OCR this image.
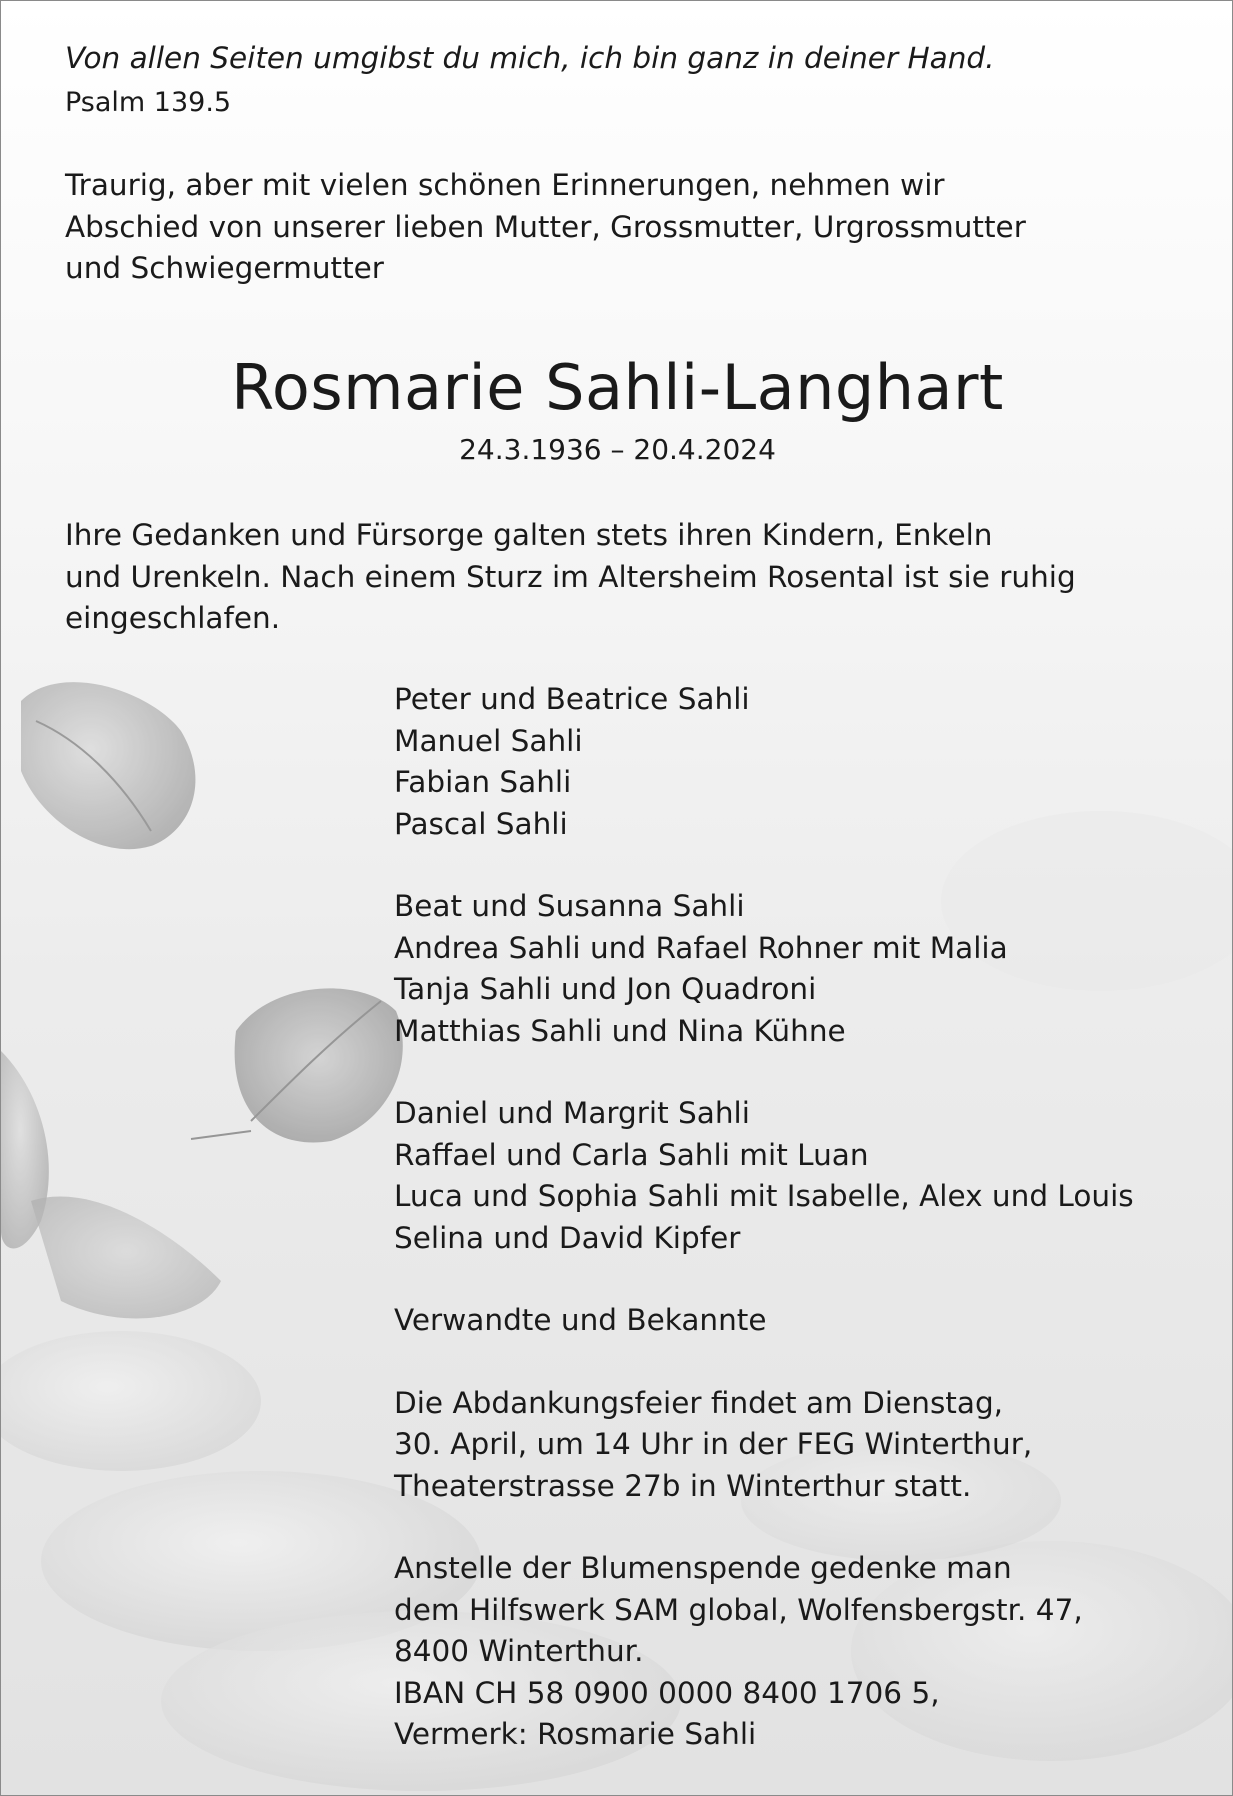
Von allen Seiten umgibst du mich, ich bin ganz in deiner Hand.

Psalm 139.5

Traurig, aber mit vielen schönen Erinnerungen, nehmen wir
Abschied von unserer lieben Mutter, Grossmutter, Urgrossmutter
und Schwiegermutter
Rosmarie Sahli-Langhart

24.3.1936 – 20.4.2024

Ihre Gedanken und Fürsorge galten stets ihren Kindern, Enkeln
und Urenkeln. Nach einem Sturz im Altersheim Rosental ist sie ruhig
eingeschlafen.
Peter und Beatrice Sahli
Manuel Sahli
Fabian Sahli
Pascal Sahli
Beat und Susanna Sahli
Andrea Sahli und Rafael Rohner mit Malia
Tanja Sahli und Jon Quadroni
Matthias Sahli und Nina Kühne
Daniel und Margrit Sahli
Raffael und Carla Sahli mit Luan
Luca und Sophia Sahli mit Isabelle, Alex und Louis
Selina und David Kipfer
Verwandte und Bekannte
Die Abdankungsfeier findet am Dienstag,
30. April, um 14 Uhr in der FEG Winterthur,
Theaterstrasse 27b in Winterthur statt.
Anstelle der Blumenspende gedenke man
dem Hilfswerk SAM global, Wolfensbergstr. 47,
8400 Winterthur.
IBAN CH 58 0900 0000 8400 1706 5,
Vermerk: Rosmarie Sahli
